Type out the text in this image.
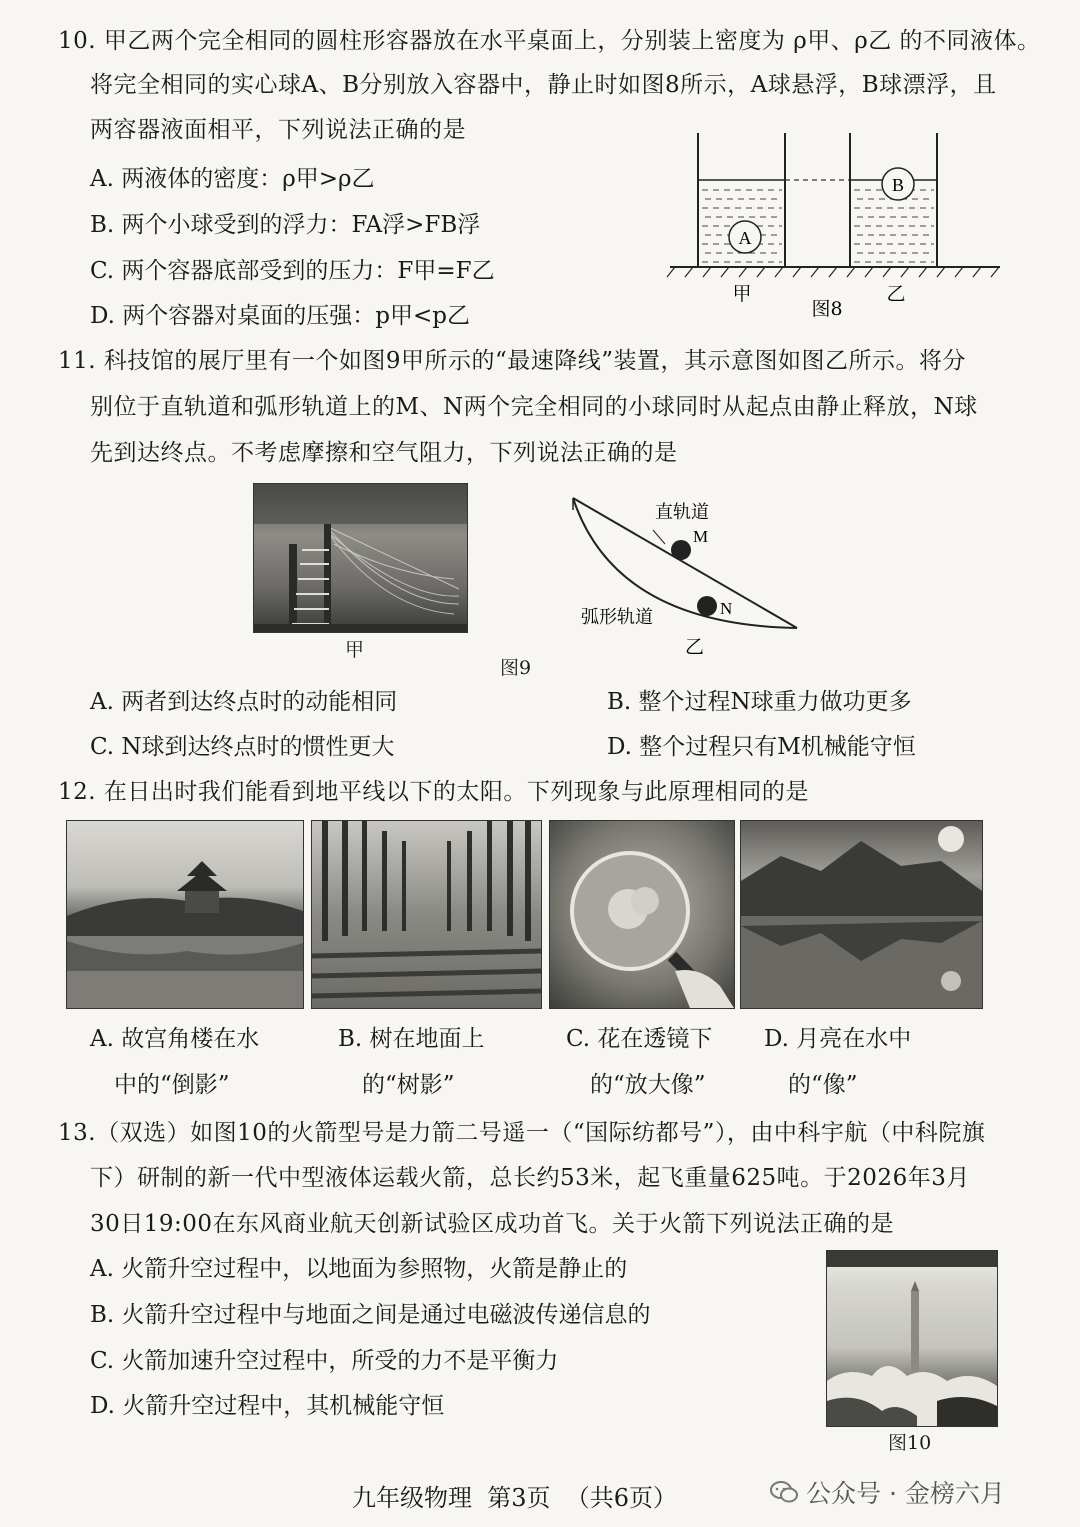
10. 甲乙两个完全相同的圆柱形容器放在水平桌面上，分别装上密度为 ρ甲、ρ乙 的不同液体。
将完全相同的实心球A、B分别放入容器中，静止时如图8所示，A球悬浮，B球漂浮，且
两容器液面相平，下列说法正确的是
A. 两液体的密度：ρ甲>ρ乙
B. 两个小球受到的浮力：FA浮>FB浮
C. 两个容器底部受到的压力：F甲=F乙
D. 两个容器对桌面的压强：p甲<p乙
A
B
甲
图8
乙
11. 科技馆的展厅里有一个如图9甲所示的“最速降线”装置，其示意图如图乙所示。将分
别位于直轨道和弧形轨道上的M、N两个完全相同的小球同时从起点由静止释放，N球
先到达终点。不考虑摩擦和空气阻力，下列说法正确的是
甲
图9
直轨道
M
N
弧形轨道
乙
A. 两者到达终点时的动能相同	B. 整个过程N球重力做功更多
C. N球到达终点时的惯性更大	D. 整个过程只有M机械能守恒
12. 在日出时我们能看到地平线以下的太阳。下列现象与此原理相同的是
A. 故宫角楼在水
中的“倒影”
B. 树在地面上
的“树影”
C. 花在透镜下
的“放大像”
D. 月亮在水中
的“像”
13.（双选）如图10的火箭型号是力箭二号遥一（“国际纺都号”），由中科宇航（中科院旗
下）研制的新一代中型液体运载火箭，总长约53米，起飞重量625吨。于2026年3月
30日19:00在东风商业航天创新试验区成功首飞。关于火箭下列说法正确的是
A. 火箭升空过程中，以地面为参照物，火箭是静止的
B. 火箭升空过程中与地面之间是通过电磁波传递信息的
C. 火箭加速升空过程中，所受的力不是平衡力
D. 火箭升空过程中，其机械能守恒
图10
九年级物理  第3页  （共6页）	公众号 · 金榜六月
